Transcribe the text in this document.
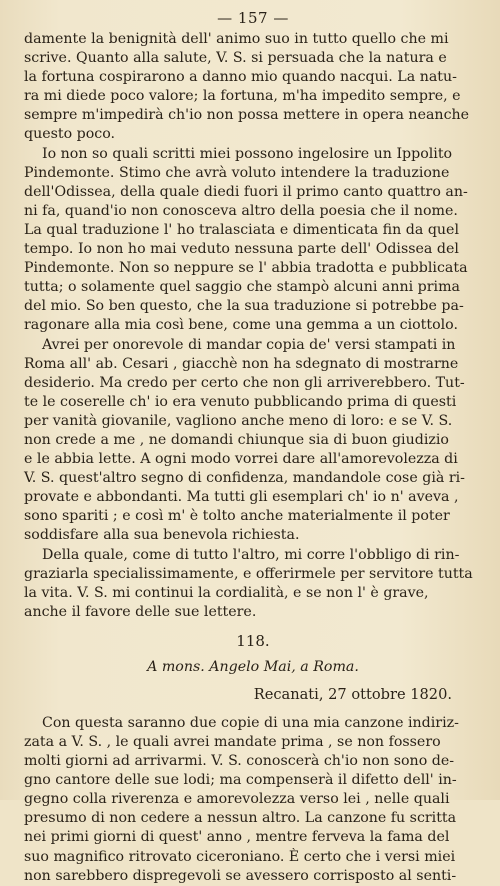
— 157 —
damente la benignità dell' animo suo in tutto quello che mi
scrive. Quanto alla salute, V. S. si persuada che la natura e
la fortuna cospirarono a danno mio quando nacqui. La natu-
ra mi diede poco valore; la fortuna, m'ha impedito sempre, e
sempre m'impedirà ch'io non possa mettere in opera neanche
questo poco.
Io non so quali scritti miei possono ingelosire un Ippolito
Pindemonte. Stimo che avrà voluto intendere la traduzione
dell'Odissea, della quale diedi fuori il primo canto quattro an-
ni fa, quand'io non conosceva altro della poesia che il nome.
La qual traduzione l' ho tralasciata e dimenticata fin da quel
tempo. Io non ho mai veduto nessuna parte dell' Odissea del
Pindemonte. Non so neppure se l' abbia tradotta e pubblicata
tutta; o solamente quel saggio che stampò alcuni anni prima
del mio. So ben questo, che la sua traduzione si potrebbe pa-
ragonare alla mia così bene, come una gemma a un ciottolo.
Avrei per onorevole di mandar copia de' versi stampati in
Roma all' ab. Cesari , giacchè non ha sdegnato di mostrarne
desiderio. Ma credo per certo che non gli arriverebbero. Tut-
te le coserelle ch' io era venuto pubblicando prima di questi
per vanità giovanile, vagliono anche meno di loro: e se V. S.
non crede a me , ne domandi chiunque sia di buon giudizio
e le abbia lette. A ogni modo vorrei dare all'amorevolezza di
V. S. quest'altro segno di confidenza, mandandole cose già ri-
provate e abbondanti. Ma tutti gli esemplari ch' io n' aveva ,
sono spariti ; e così m' è tolto anche materialmente il poter
soddisfare alla sua benevola richiesta.
Della quale, come di tutto l'altro, mi corre l'obbligo di rin-
graziarla specialissimamente, e offerirmele per servitore tutta
la vita. V. S. mi continui la cordialità, e se non l' è grave,
anche il favore delle sue lettere.
118.
A mons. Angelo Mai, a Roma.
Recanati, 27 ottobre 1820.
Con questa saranno due copie di una mia canzone indiriz-
zata a V. S. , le quali avrei mandate prima , se non fossero
molti giorni ad arrivarmi. V. S. conoscerà ch'io non sono de-
gno cantore delle sue lodi; ma compenserà il difetto dell' in-
gegno colla riverenza e amorevolezza verso lei , nelle quali
presumo di non cedere a nessun altro. La canzone fu scritta
nei primi giorni di quest' anno , mentre ferveva la fama del
suo magnifico ritrovato ciceroniano. È certo che i versi miei
non sarebbero dispregevoli se avessero corrisposto al senti-
